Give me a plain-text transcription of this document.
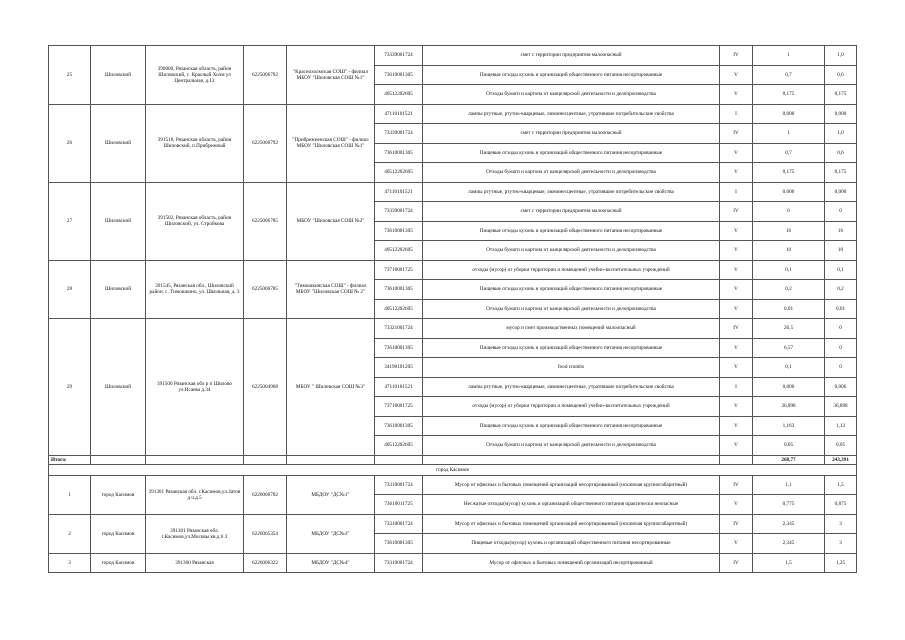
25	Шиловский	390000, Рязанская область, район Шиловский, с. Красный Холм ул Центральная, д.12	6225006792	"Краснохолмская СОШ" - филиал МБОУ "Шиловская СОШ №1"	73339001724	смет с территории предприятия малоопасный	IV	1	1,0
					73610001305	Пищевые отходы кухонь и организаций общественного питания несортированные	V	0,7	0,6
					40512202605	Отходы бумаги и картона от канцелярской деятельности и делопроизводства	V	0,175	0,175
26	Шиловский	391518, Рязанская область, район Шиловский, п.Прибрежный	6225006792	"Прибрежненская СОШ" - филиал МБОУ "Шиловская СОШ №1"	47110101521	лампы ртутные, ртутно-кварцевые, люминесцентные, утратившие потребительские свойства	I	0,000	0,000
					73339001724	смет с территории предприятия малоопасный	IV	1	1,0
					73610001305	Пищевые отходы кухонь и организаций общественного питания несортированные	V	0,7	0,6
					40512202605	Отходы бумаги и картона от канцелярской деятельности и делопроизводства	V	0,175	0,175
27	Шиловский	391502, Рязанская область, район Шиловский, ул. Стройкова	6225006785	МБОУ "Шиловская СОШ №2"	47110101521	лампы ртутные, ртутно-кварцевые, люминесцентные, утратившие потребительские свойства	I	0,000	0,000
					73339001724	смет с территории предприятия малоопасный	IV	0	0
					73610001305	Пищевые отходы кухонь и организаций общественного питания несортированные	V	16	16
					40512202605	Отходы бумаги и картона от канцелярской деятельности и делопроизводства	V	10	10
28	Шиловский	391545, Рязанская обл., Шиловский район, с. Тимошкино, ул. Школьная, д. 3	6225006785	"Тимошкинская СОШ" - филиал МБОУ "Шиловская СОШ № 2"	73710001725	отходы (мусор) от уборки территории и помещений учебно-воспитательных учреждений	V	0,1	0,1
					73610001305	Пищевые отходы кухонь и организаций общественного питания несортированные	V	0,2	0,2
					40512202605	Отходы бумаги и картона от канцелярской деятельности и делопроизводства	V	0,01	0,01
29	Шиловский	391500 Рязанская обл р п Шилово ул.Исаева д.34	6225004968	МБОУ " Шиловская СОШ №3"	73321001724	мусор и смет производственных помещений малоопасный	IV	26,5	0
					73610001305	Пищевые отходы кухонь и организаций общественного питания несортированные	V	6,57	0
					34190101205	food crumbs	V	0,1	0
					47110101521	лампы ртутные, ртутно-кварцевые, люминесцентные, утратившие потребительские свойства	I	0,000	0,006
					73710001725	отходы (мусор) от уборки территории и помещений учебно-воспитательных учреждений	V	36,898	36,898
					73610001305	Пищевые отходы кухонь и организаций общественного питания несортированные	V	1,163	1,13
					40512202605	Отходы бумаги и картона от канцелярской деятельности и делопроизводства	V	0,05	0,05
Итого:								268,77	243,391
город Касимов									
1	город Касимов	391301 Рязанская обл. г.Касимов,ул.Затон д.ч.д.5	6226006702	МБДОУ "ДС№1"	73310001724	Мусор от офисных и бытовых помещений организаций несортированный (исключая крупногабаритный)	IV	1,1	1,5
					73610011725	Несжатые отходы(мусор) кухонь и организаций общественного питания практически неопасные	V	0,775	0,875
2	город Касимов	391301 Рязанская обл. г.Касимов,ул.Москвы кв.д.6 3	6226005354	МБДОУ "ДС№3"	73310001724	Мусор от офисных и бытовых помещений организаций несортированный (исключая крупногабаритный)	IV	2,345	3
					73610001305	Пищевые отходы(мусор) кухонь и организаций общественного питания несортированные	V	2,345	3
3	город Касимов	391300 Рязанская	6226006322	МБДОУ "ДС№4"	73310001724	Мусор от офисных и бытовых помещений организаций несортированный	IV	1,5	1,25
